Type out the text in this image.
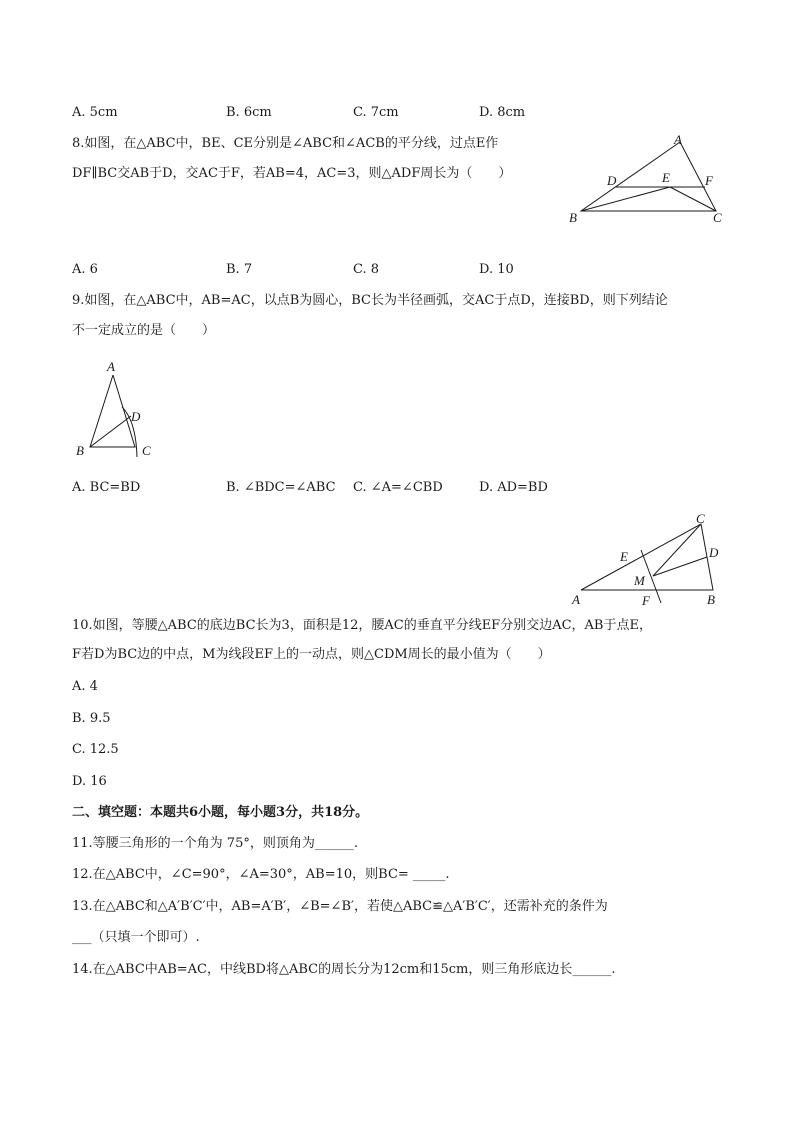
A. 5cm	B. 6cm	C. 7cm	D. 8cm
8.如图，在△ABC中，BE、CE分别是∠ABC和∠ACB的平分线，过点E作
DF∥BC交AB于D，交AC于F，若AB=4，AC=3，则△ADF周长为（　　）
A
B	C
D	E	F
A. 6	B. 7	C. 8	D. 10
9.如图，在△ABC中，AB=AC，以点B为圆心，BC长为半径画弧，交AC于点D，连接BD，则下列结论
不一定成立的是（　　）
A
B	C
D
A. BC=BD	B. ∠BDC=∠ABC C. ∠A=∠CBD	D. AD=BD
A	B
C
D
E
F
M
10.如图，等腰△ABC的底边BC长为3，面积是12，腰AC的垂直平分线EF分别交边AC，AB于点E，
F若D为BC边的中点，M为线段EF上的一动点，则△CDM周长的最小值为（　　）
A. 4
B. 9.5
C. 12.5
D. 16
二、填空题：本题共6小题，每小题3分，共18分。
11.等腰三角形的一个角为 75°，则顶角为______.
12.在△ABC中，∠C=90°，∠A=30°，AB=10，则BC= _____.
13.在△ABC和△A′B′C′中，AB=A′B′，∠B=∠B′，若使△ABC≌△A′B′C′，还需补充的条件为
___（只填一个即可）.
14.在△ABC中AB=AC，中线BD将△ABC的周长分为12cm和15cm，则三角形底边长______.
